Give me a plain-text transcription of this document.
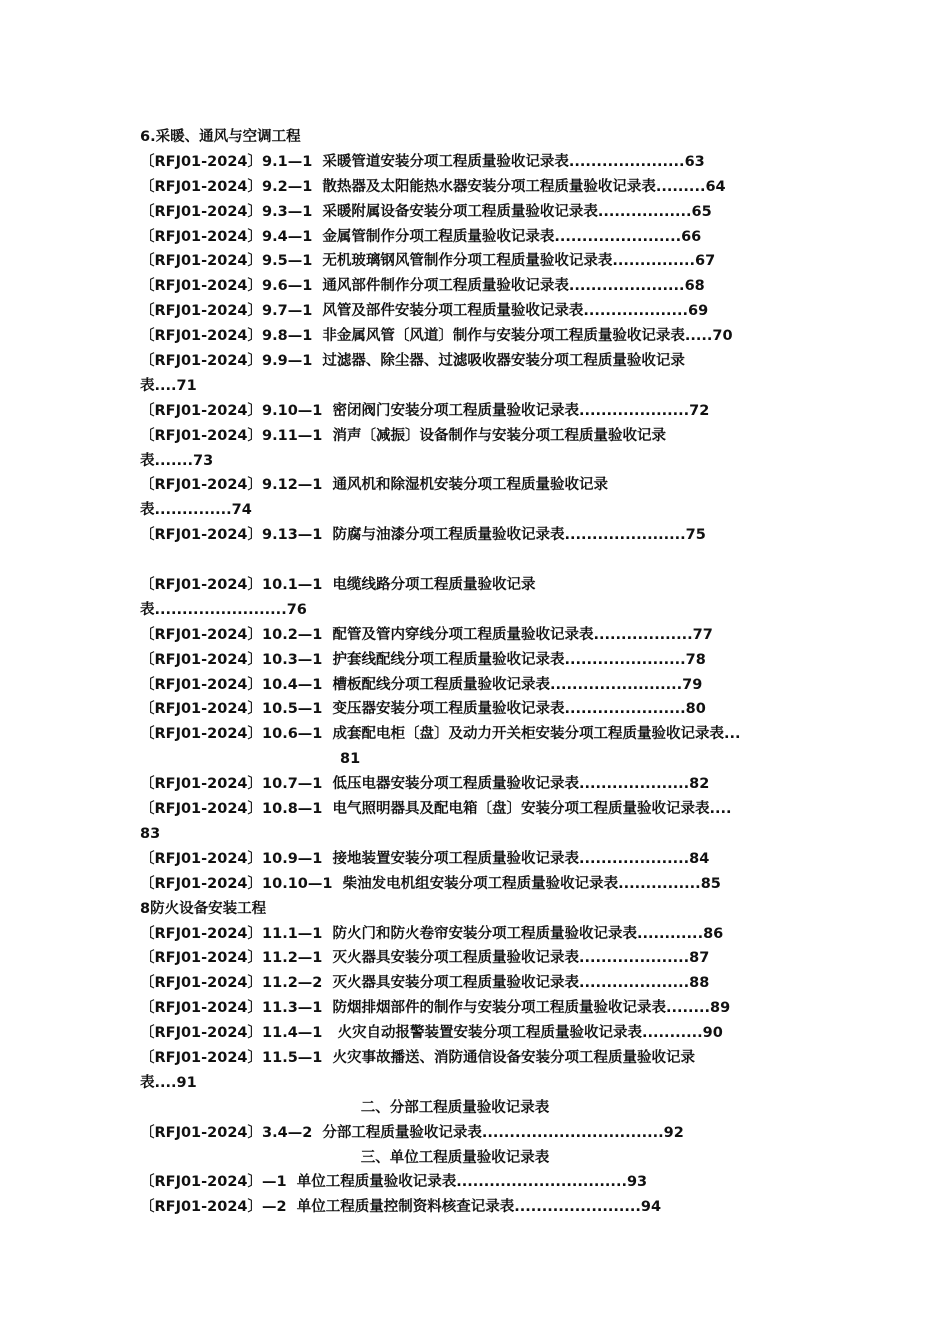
6.采暖、通风与空调工程
〔RFJ01-2024〕9.1—1  采暖管道安装分项工程质量验收记录表.....................63
〔RFJ01-2024〕9.2—1  散热器及太阳能热水器安装分项工程质量验收记录表.........64
〔RFJ01-2024〕9.3—1  采暖附属设备安装分项工程质量验收记录表.................65
〔RFJ01-2024〕9.4—1  金属管制作分项工程质量验收记录表.......................66
〔RFJ01-2024〕9.5—1  无机玻璃钢风管制作分项工程质量验收记录表...............67
〔RFJ01-2024〕9.6—1  通风部件制作分项工程质量验收记录表.....................68
〔RFJ01-2024〕9.7—1  风管及部件安装分项工程质量验收记录表...................69
〔RFJ01-2024〕9.8—1  非金属风管〔风道〕制作与安装分项工程质量验收记录表.....70
〔RFJ01-2024〕9.9—1  过滤器、除尘器、过滤吸收器安装分项工程质量验收记录
表....71
〔RFJ01-2024〕9.10—1  密闭阀门安装分项工程质量验收记录表....................72
〔RFJ01-2024〕9.11—1  消声〔减振〕设备制作与安装分项工程质量验收记录
表.......73
〔RFJ01-2024〕9.12—1  通风机和除湿机安装分项工程质量验收记录
表..............74
〔RFJ01-2024〕9.13—1  防腐与油漆分项工程质量验收记录表......................75
〔RFJ01-2024〕10.1—1  电缆线路分项工程质量验收记录
表........................76
〔RFJ01-2024〕10.2—1  配管及管内穿线分项工程质量验收记录表..................77
〔RFJ01-2024〕10.3—1  护套线配线分项工程质量验收记录表......................78
〔RFJ01-2024〕10.4—1  槽板配线分项工程质量验收记录表........................79
〔RFJ01-2024〕10.5—1  变压器安装分项工程质量验收记录表......................80
〔RFJ01-2024〕10.6—1  成套配电柜〔盘〕及动力开关柜安装分项工程质量验收记录表...
81
〔RFJ01-2024〕10.7—1  低压电器安装分项工程质量验收记录表....................82
〔RFJ01-2024〕10.8—1  电气照明器具及配电箱〔盘〕安装分项工程质量验收记录表....
83
〔RFJ01-2024〕10.9—1  接地装置安装分项工程质量验收记录表....................84
〔RFJ01-2024〕10.10—1  柴油发电机组安装分项工程质量验收记录表...............85
8防火设备安装工程
〔RFJ01-2024〕11.1—1  防火门和防火卷帘安装分项工程质量验收记录表............86
〔RFJ01-2024〕11.2—1  灭火器具安装分项工程质量验收记录表....................87
〔RFJ01-2024〕11.2—2  灭火器具安装分项工程质量验收记录表....................88
〔RFJ01-2024〕11.3—1  防烟排烟部件的制作与安装分项工程质量验收记录表........89
〔RFJ01-2024〕11.4—1   火灾自动报警装置安装分项工程质量验收记录表...........90
〔RFJ01-2024〕11.5—1  火灾事故播送、消防通信设备安装分项工程质量验收记录
表....91
二、分部工程质量验收记录表
〔RFJ01-2024〕3.4—2  分部工程质量验收记录表.................................92
三、单位工程质量验收记录表
〔RFJ01-2024〕—1  单位工程质量验收记录表...............................93
〔RFJ01-2024〕—2  单位工程质量控制资料核查记录表.......................94
